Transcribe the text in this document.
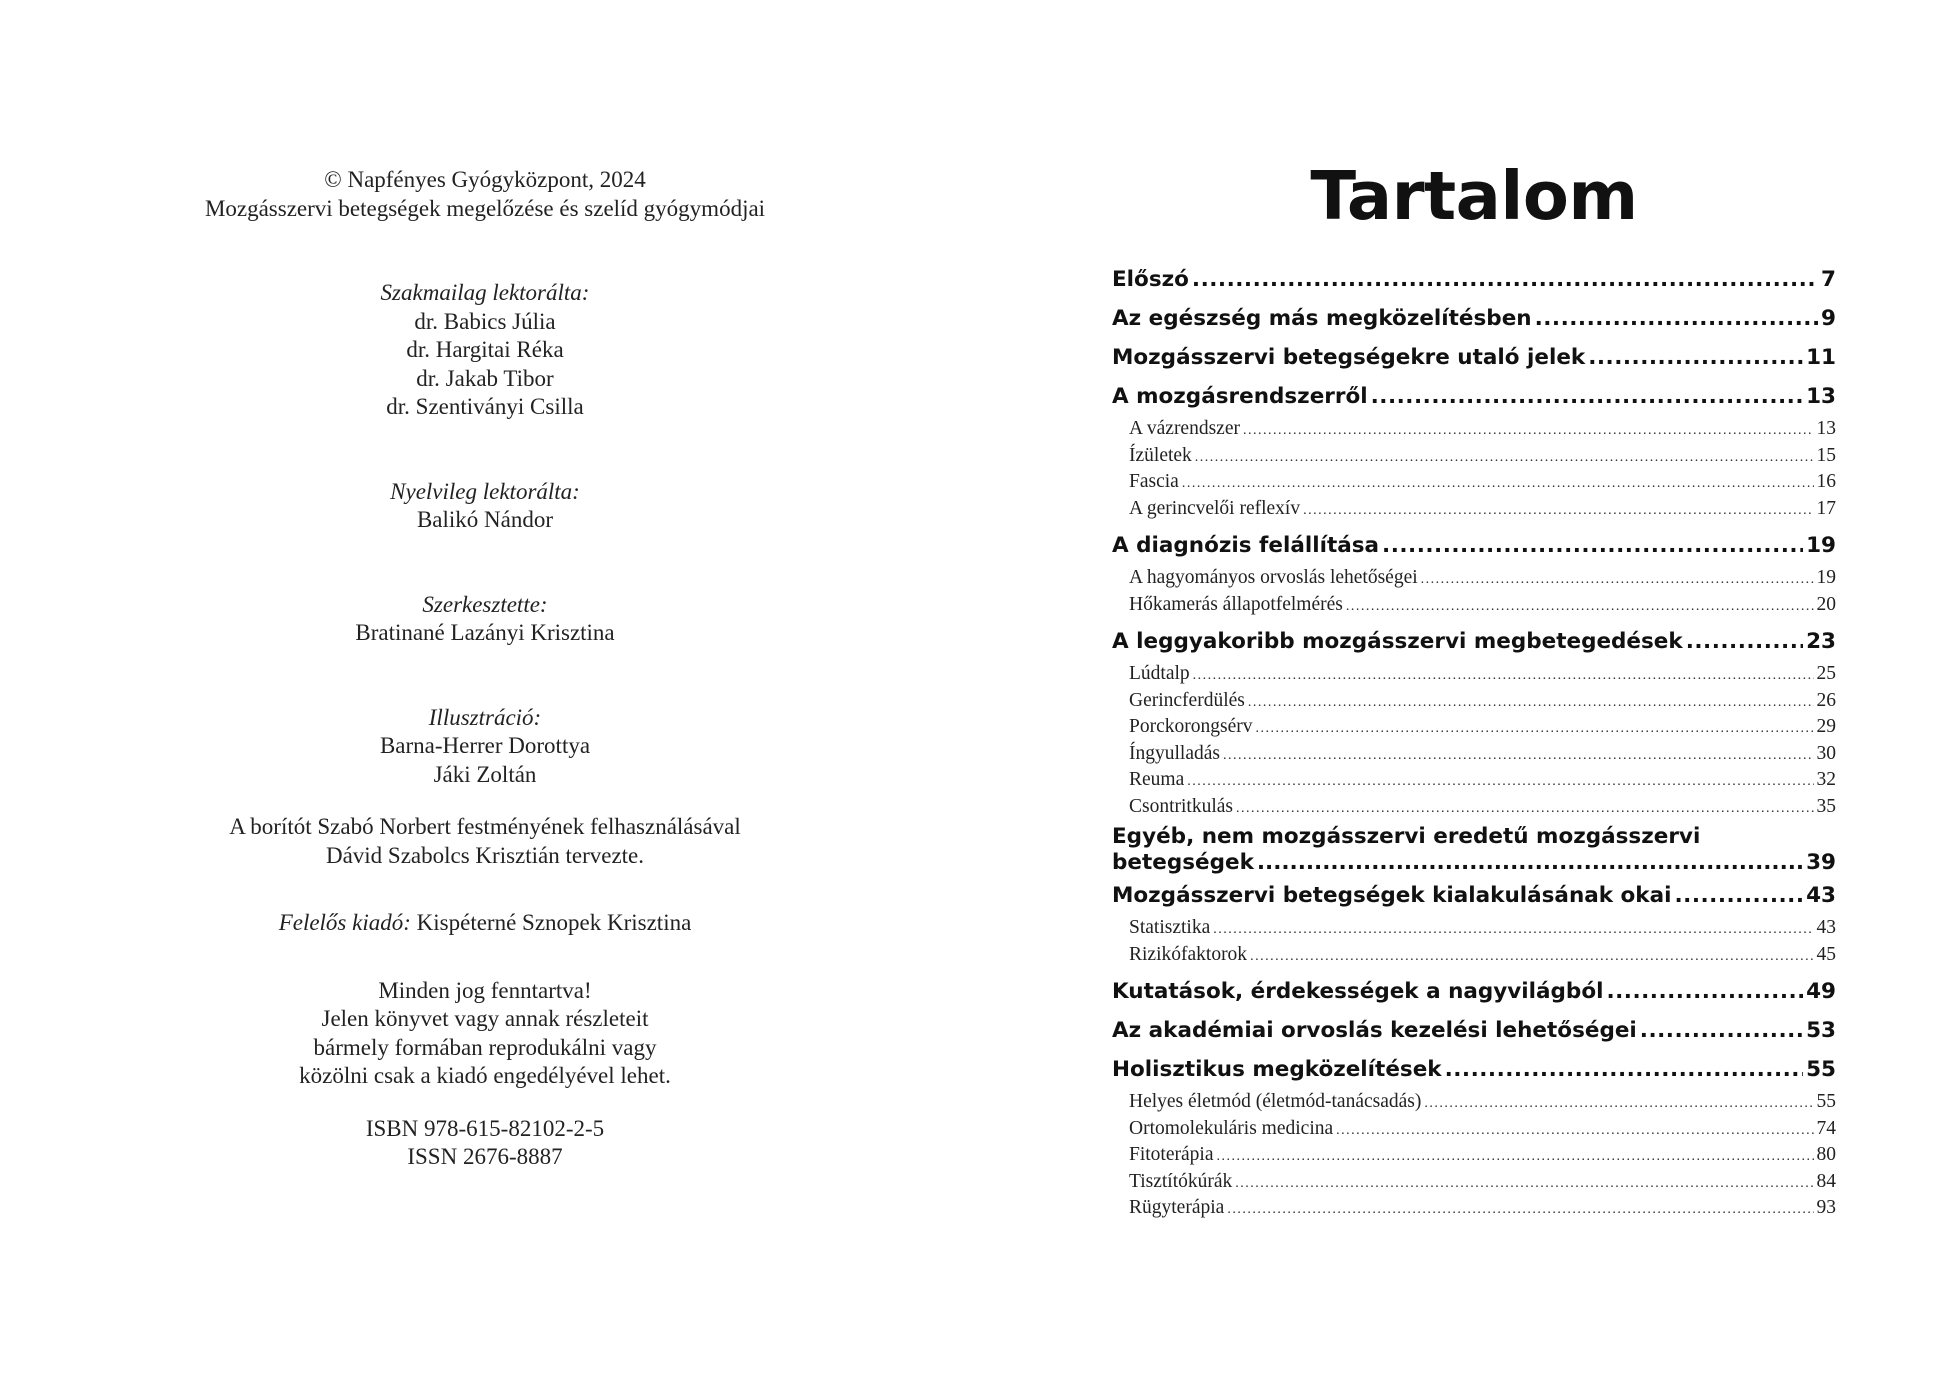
© Napfényes Gyógyközpont, 2024
Mozgásszervi betegségek megelőzése és szelíd gyógymódjai
Szakmailag lektorálta:
dr. Babics Júlia
dr. Hargitai Réka
dr. Jakab Tibor
dr. Szentiványi Csilla
Nyelvileg lektorálta:
Balikó Nándor
Szerkesztette:
Bratinané Lazányi Krisztina
Illusztráció:
Barna-Herrer Dorottya
Jáki Zoltán
A borítót Szabó Norbert festményének felhasználásával
Dávid Szabolcs Krisztián tervezte.
Felelős kiadó: Kispéterné Sznopek Krisztina
Minden jog fenntartva!
Jelen könyvet vagy annak részleteit
bármely formában reprodukálni vagy
közölni csak a kiadó engedélyével lehet.
ISBN 978-615-82102-2-5
ISSN 2676-8887
Tartalom
Előszó .....	7
Az egészség más megközelítésben .....	9
Mozgásszervi betegségekre utaló jelek .....	11
A mozgásrendszerről .....	13
A vázrendszer .....	13
Ízületek .....	15
Fascia .....	16
A gerincvelői reflexív .....	17
A diagnózis felállítása .....	19
A hagyományos orvoslás lehetőségei .....	19
Hőkamerás állapotfelmérés .....	20
A leggyakoribb mozgásszervi megbetegedések .....	23
Lúdtalp .....	25
Gerincferdülés .....	26
Porckorongsérv .....	29
Íngyulladás .....	30
Reuma .....	32
Csontritkulás .....	35
Egyéb, nem mozgásszervi eredetű mozgásszervi
betegségek .....	39
Mozgásszervi betegségek kialakulásának okai .....	43
Statisztika .....	43
Rizikófaktorok .....	45
Kutatások, érdekességek a nagyvilágból .....	49
Az akadémiai orvoslás kezelési lehetőségei .....	53
Holisztikus megközelítések .....	55
Helyes életmód (életmód-tanácsadás) .....	55
Ortomolekuláris medicina .....	74
Fitoterápia .....	80
Tisztítókúrák .....	84
Rügyterápia .....	93
